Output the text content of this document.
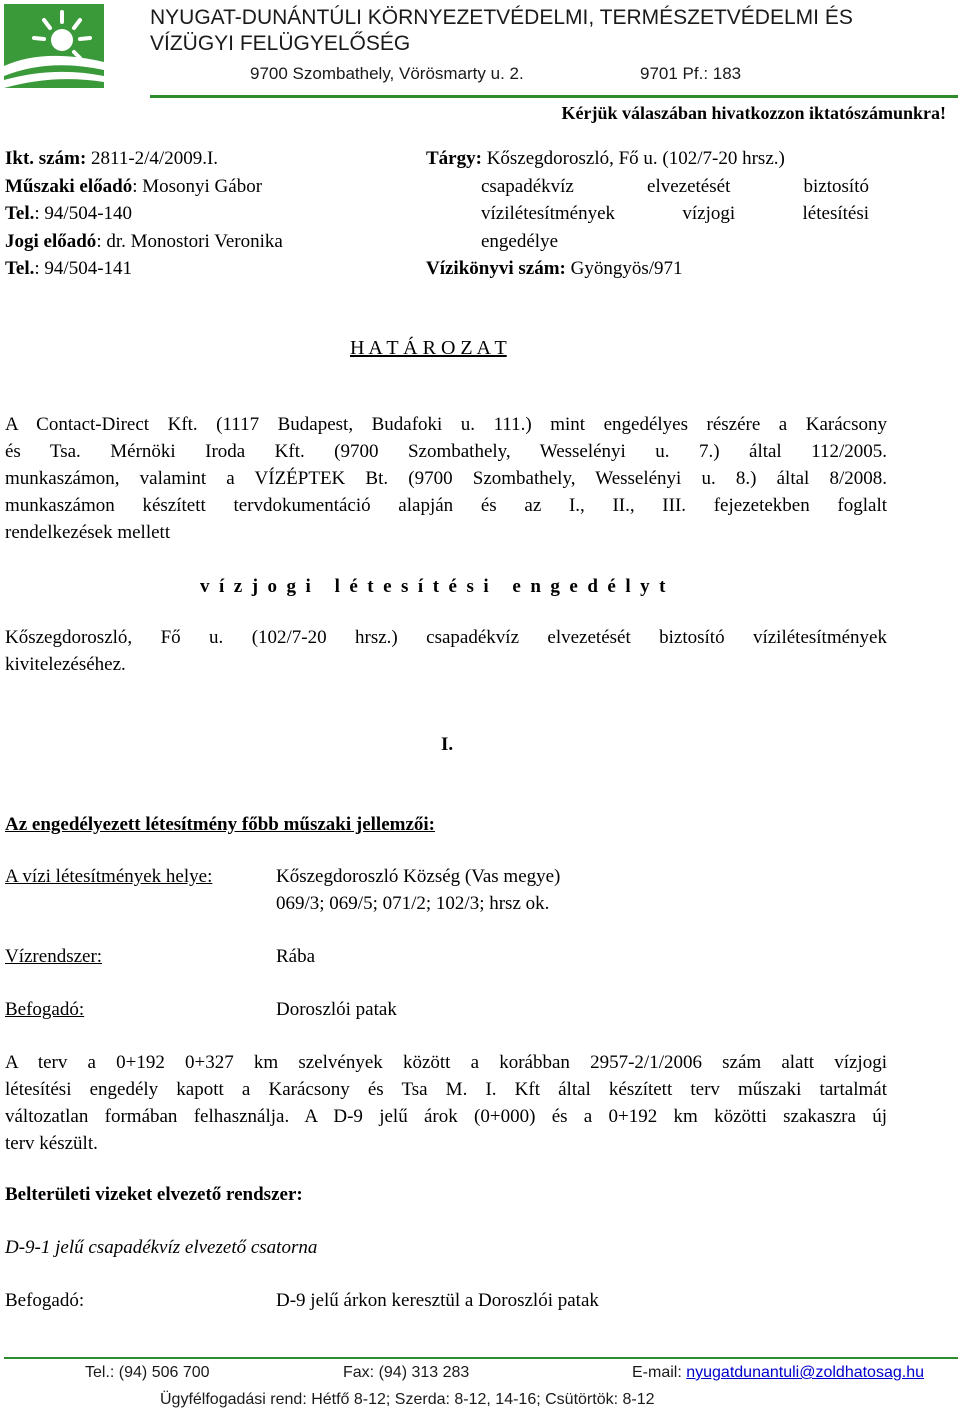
NYUGAT-DUNÁNTÚLI KÖRNYEZETVÉDELMI, TERMÉSZETVÉDELMI ÉS
VÍZÜGYI FELÜGYELŐSÉG
9700 Szombathely, Vörösmarty u. 2.	9701 Pf.: 183
Kérjük válaszában hivatkozzon iktatószámunkra!
Ikt. szám: 2811-2/4/2009.I.
Műszaki előadó: Mosonyi Gábor
Tel.: 94/504-140
Jogi előadó: dr. Monostori Veronika
Tel.: 94/504-141
Tárgy: Kőszegdoroszló, Fő u. (102/7-20 hrsz.)
csapadékvíz	elvezetését	biztosító
vízilétesítmények	vízjogi	létesítési
engedélye
Vízikönyvi szám: Gyöngyös/971
H A T Á R O Z A T
A Contact-Direct Kft. (1117 Budapest, Budafoki u. 111.) mint engedélyes részére a Karácsony
és Tsa. Mérnöki Iroda Kft. (9700 Szombathely, Wesselényi u. 7.) által 112/2005.
munkaszámon, valamint a VÍZÉPTEK Bt. (9700 Szombathely, Wesselényi u. 8.) által 8/2008.
munkaszámon készített tervdokumentáció alapján és az I., II., III. fejezetekben foglalt
rendelkezések mellett
vízjogi létesítési engedélyt
Kőszegdoroszló, Fő u. (102/7-20 hrsz.) csapadékvíz elvezetését biztosító vízilétesítmények
kivitelezéséhez.
I.
Az engedélyezett létesítmény főbb műszaki jellemzői:
A vízi létesítmények helye:	Kőszegdoroszló Község (Vas megye)
069/3; 069/5; 071/2; 102/3; hrsz ok.
Vízrendszer:	Rába
Befogadó:	Doroszlói patak
A terv a 0+192 0+327 km szelvények között a korábban 2957-2/1/2006 szám alatt vízjogi
létesítési engedély kapott a Karácsony és Tsa M. I. Kft által készített terv műszaki tartalmát
változatlan formában felhasználja. A D-9 jelű árok (0+000) és a 0+192 km közötti szakaszra új
terv készült.
Belterületi vizeket elvezető rendszer:
D-9-1 jelű csapadékvíz elvezető csatorna
Befogadó:	D-9 jelű árkon keresztül a Doroszlói patak
Tel.: (94) 506 700	Fax: (94) 313 283	E-mail: nyugatdunantuli@zoldhatosag.hu
Ügyfélfogadási rend: Hétfő 8-12; Szerda: 8-12, 14-16; Csütörtök: 8-12
